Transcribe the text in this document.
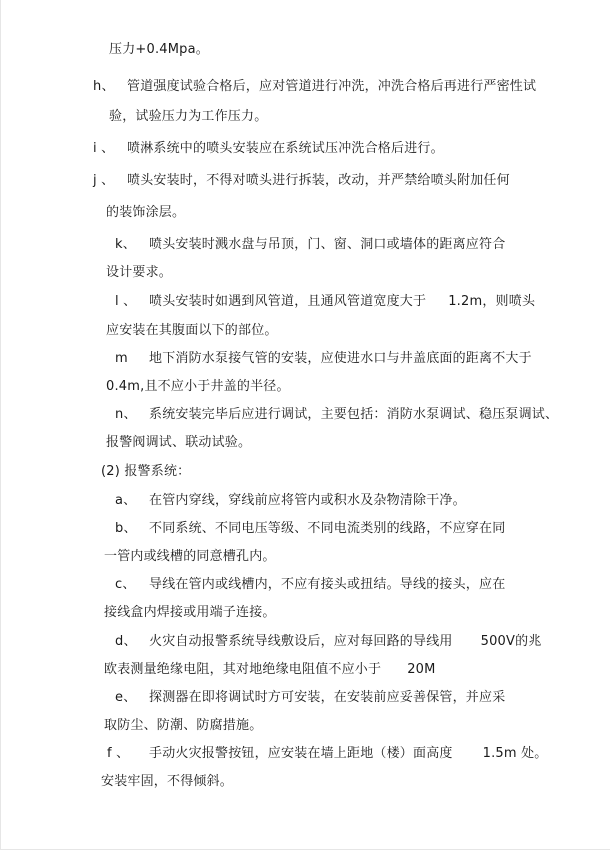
压力+0.4Mpa。
h、 管道强度试验合格后，应对管道进行冲洗，冲洗合格后再进行严密性试
验，试验压力为工作压力。
i 、 喷淋系统中的喷头安装应在系统试压冲洗合格后进行。
j 、 喷头安装时，不得对喷头进行拆装，改动，并严禁给喷头附加任何
的装饰涂层。
k、 喷头安装时溅水盘与吊顶，门、窗、洞口或墙体的距离应符合
设计要求。
l 、 喷头安装时如遇到风管道，且通风管道宽度大于 1.2m，则喷头
应安装在其腹面以下的部位。
m 地下消防水泵接气管的安装，应使进水口与井盖底面的距离不大于
0.4m,且不应小于井盖的半径。
n、 系统安装完毕后应进行调试，主要包括：消防水泵调试、稳压泵调试、
报警阀调试、联动试验。
(2) 报警系统：
a、 在管内穿线，穿线前应将管内或积水及杂物清除干净。
b、 不同系统、不同电压等级、不同电流类别的线路，不应穿在同
一管内或线槽的同意槽孔内。
c、 导线在管内或线槽内，不应有接头或扭结。导线的接头，应在
接线盒内焊接或用端子连接。
d、 火灾自动报警系统导线敷设后，应对每回路的导线用 500V的兆
欧表测量绝缘电阻，其对地绝缘电阻值不应小于 20M
e、 探测器在即将调试时方可安装，在安装前应妥善保管，并应采
取防尘、防潮、防腐措施。
f 、 手动火灾报警按钮，应安装在墙上距地（楼）面高度 1.5m 处。
安装牢固，不得倾斜。
